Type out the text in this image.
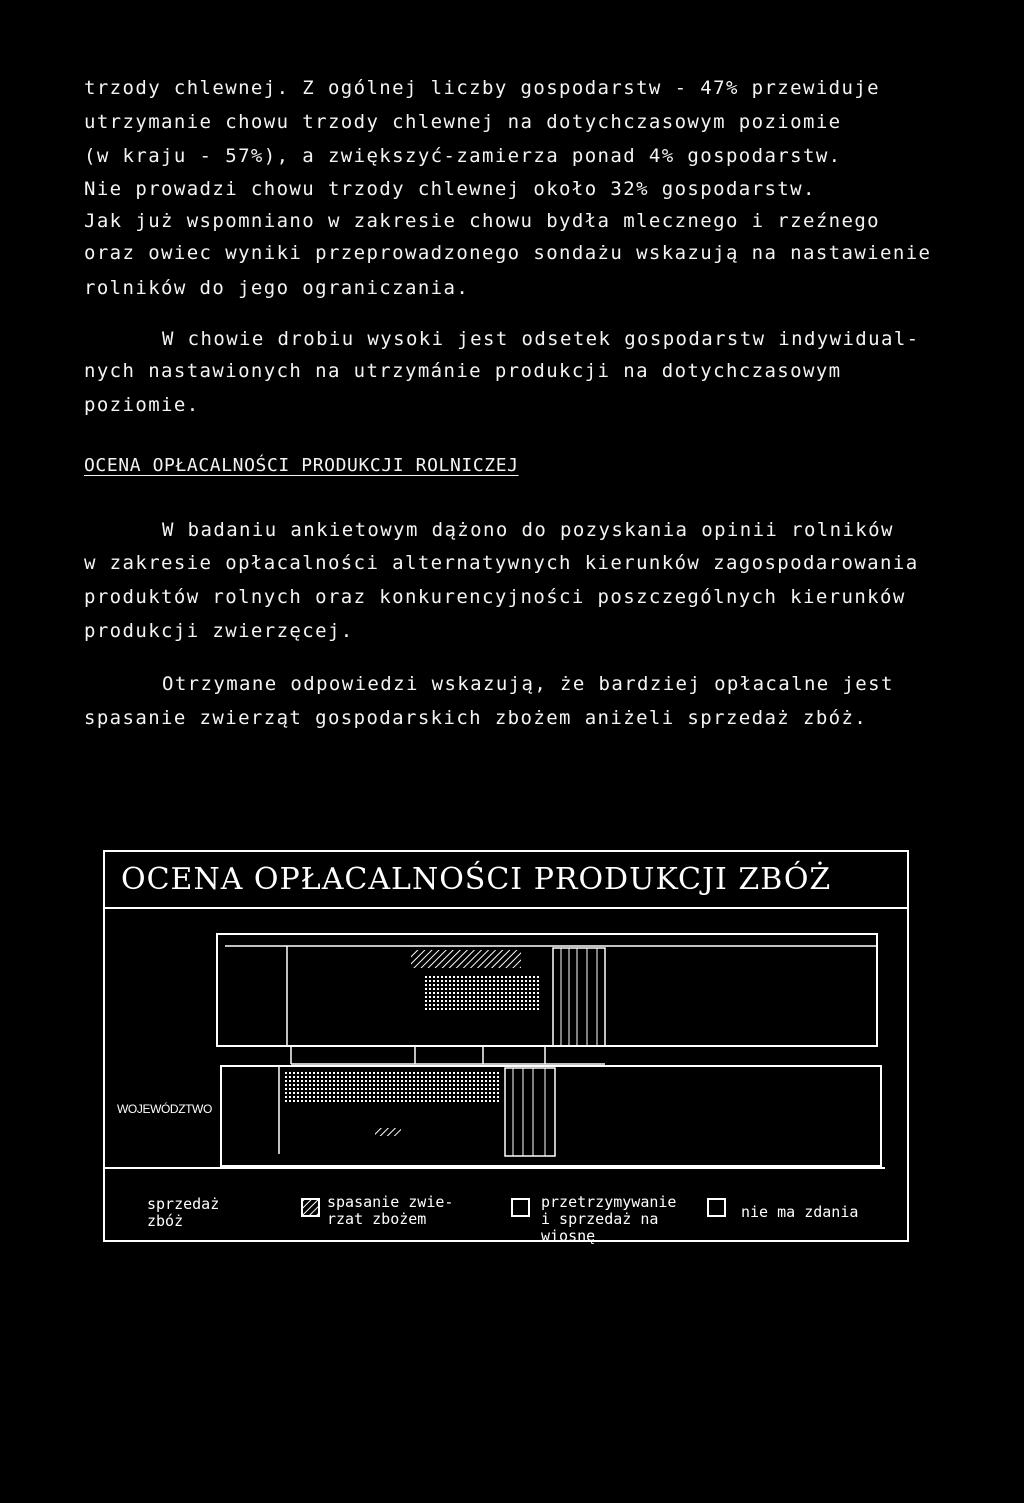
trzody chlewnej. Z ogólnej liczby gospodarstw - 47% przewiduje
utrzymanie chowu trzody chlewnej na dotychczasowym poziomie
(w kraju - 57%), a zwiększyć-zamierza ponad 4% gospodarstw.
Nie prowadzi chowu trzody chlewnej około 32% gospodarstw.
Jak już wspomniano w zakresie chowu bydła mlecznego i rzeźnego
oraz owiec wyniki przeprowadzonego sondażu wskazują na nastawienie
rolników do jego ograniczania.
W chowie drobiu wysoki jest odsetek gospodarstw indywidual-
nych nastawionych na utrzymánie produkcji na dotychczasowym
poziomie.
OCENA OPŁACALNOŚCI PRODUKCJI ROLNICZEJ
W badaniu ankietowym dążono do pozyskania opinii rolników
w zakresie opłacalności alternatywnych kierunków zagospodarowania
produktów rolnych oraz konkurencyjności poszczególnych kierunków
produkcji zwierzęcej.
Otrzymane odpowiedzi wskazują, że bardziej opłacalne jest
spasanie zwierząt gospodarskich zbożem aniżeli sprzedaż zbóż.
OCENA OPŁACALNOŚCI PRODUKCJI ZBÓŻ
WOJEWÓDZTWO
sprzedaż
zbóż
spasanie zwie-
rzat zbożem
przetrzymywanie
i sprzedaż na
wiosnę
nie ma zdania
